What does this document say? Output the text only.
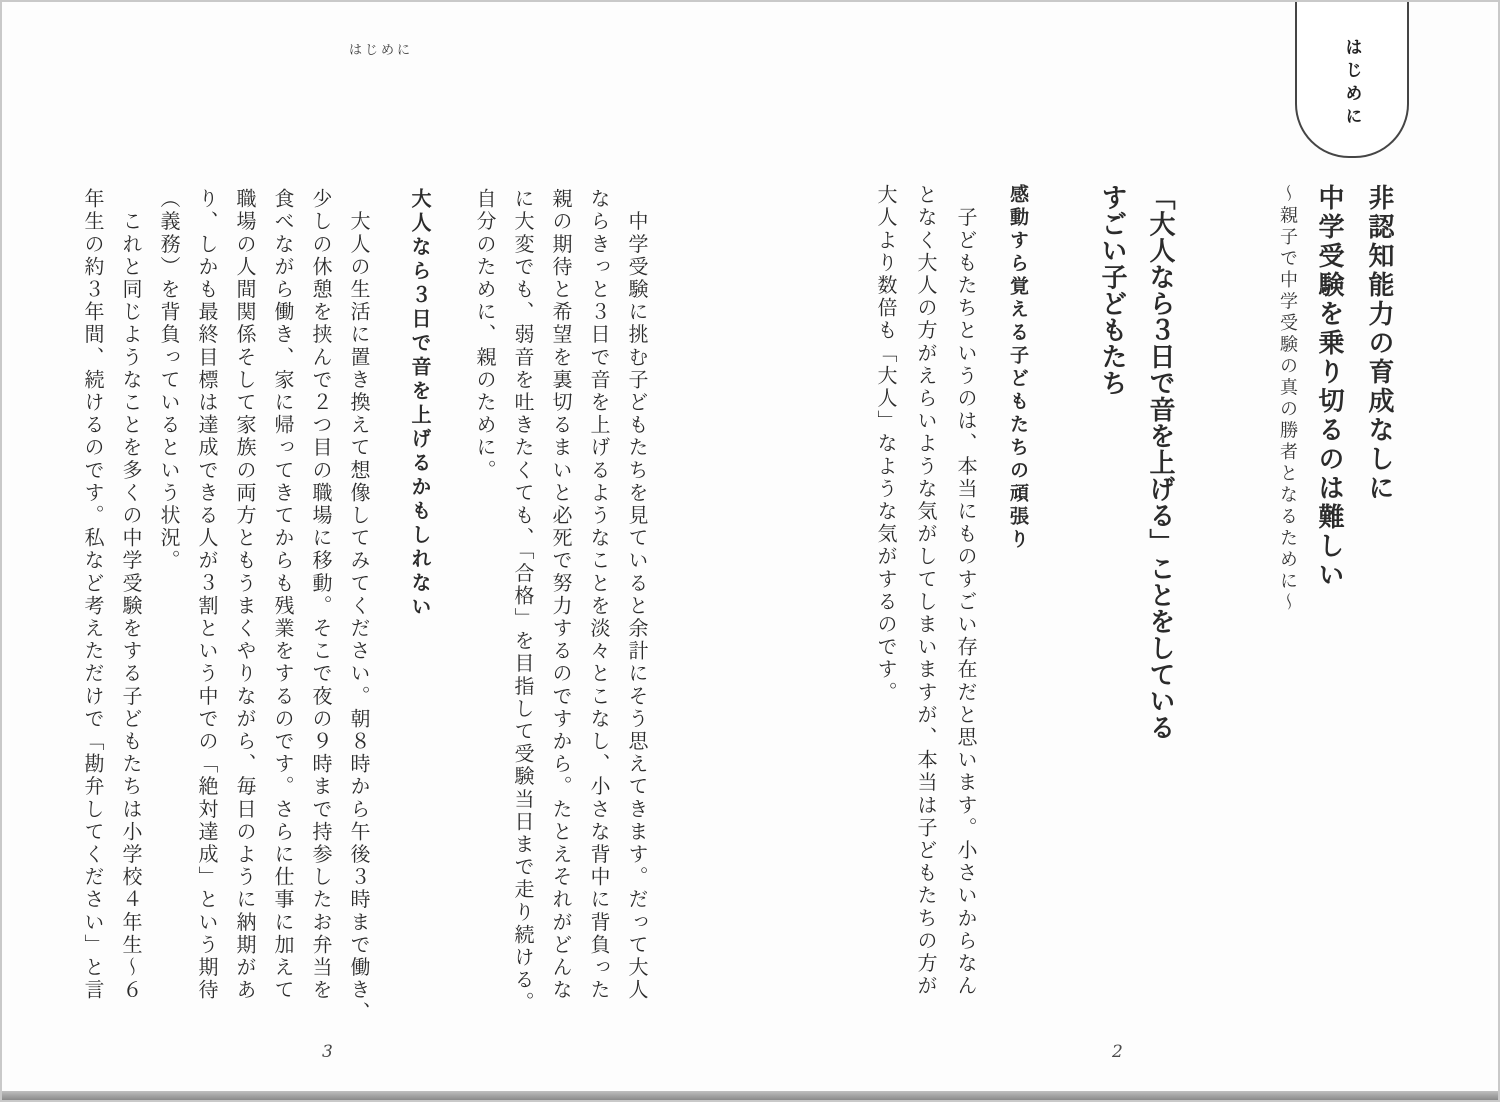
はじめに
はじめに
非認知能力の育成なしに
中学受験を乗り切るのは難しい
〜親子で中学受験の真の勝者となるために〜
「大人なら３日で音を上げる」ことをしている
すごい子どもたち
感動すら覚える子どもたちの頑張り
　子どもたちというのは、本当にものすごい存在だと思います。小さいからなん
となく大人の方がえらいような気がしてしまいますが、本当は子どもたちの方が
大人より数倍も「大人」なような気がするのです。
　中学受験に挑む子どもたちを見ていると余計にそう思えてきます。だって大人
ならきっと３日で音を上げるようなことを淡々とこなし、小さな背中に背負った
親の期待と希望を裏切るまいと必死で努力するのですから。たとえそれがどんな
に大変でも、弱音を吐きたくても、「合格」を目指して受験当日まで走り続ける。
自分のために、親のために。
大人なら３日で音を上げるかもしれない
　大人の生活に置き換えて想像してみてください。朝８時から午後３時まで働き、
少しの休憩を挟んで２つ目の職場に移動。そこで夜の９時まで持参したお弁当を
食べながら働き、家に帰ってきてからも残業をするのです。さらに仕事に加えて
職場の人間関係そして家族の両方ともうまくやりながら、毎日のように納期があ
り、しかも最終目標は達成できる人が３割という中での「絶対達成」という期待
（義務）を背負っているという状況。
　これと同じようなことを多くの中学受験をする子どもたちは小学校４年生〜６
年生の約３年間、続けるのです。私など考えただけで「勘弁してください」と言
3	2
